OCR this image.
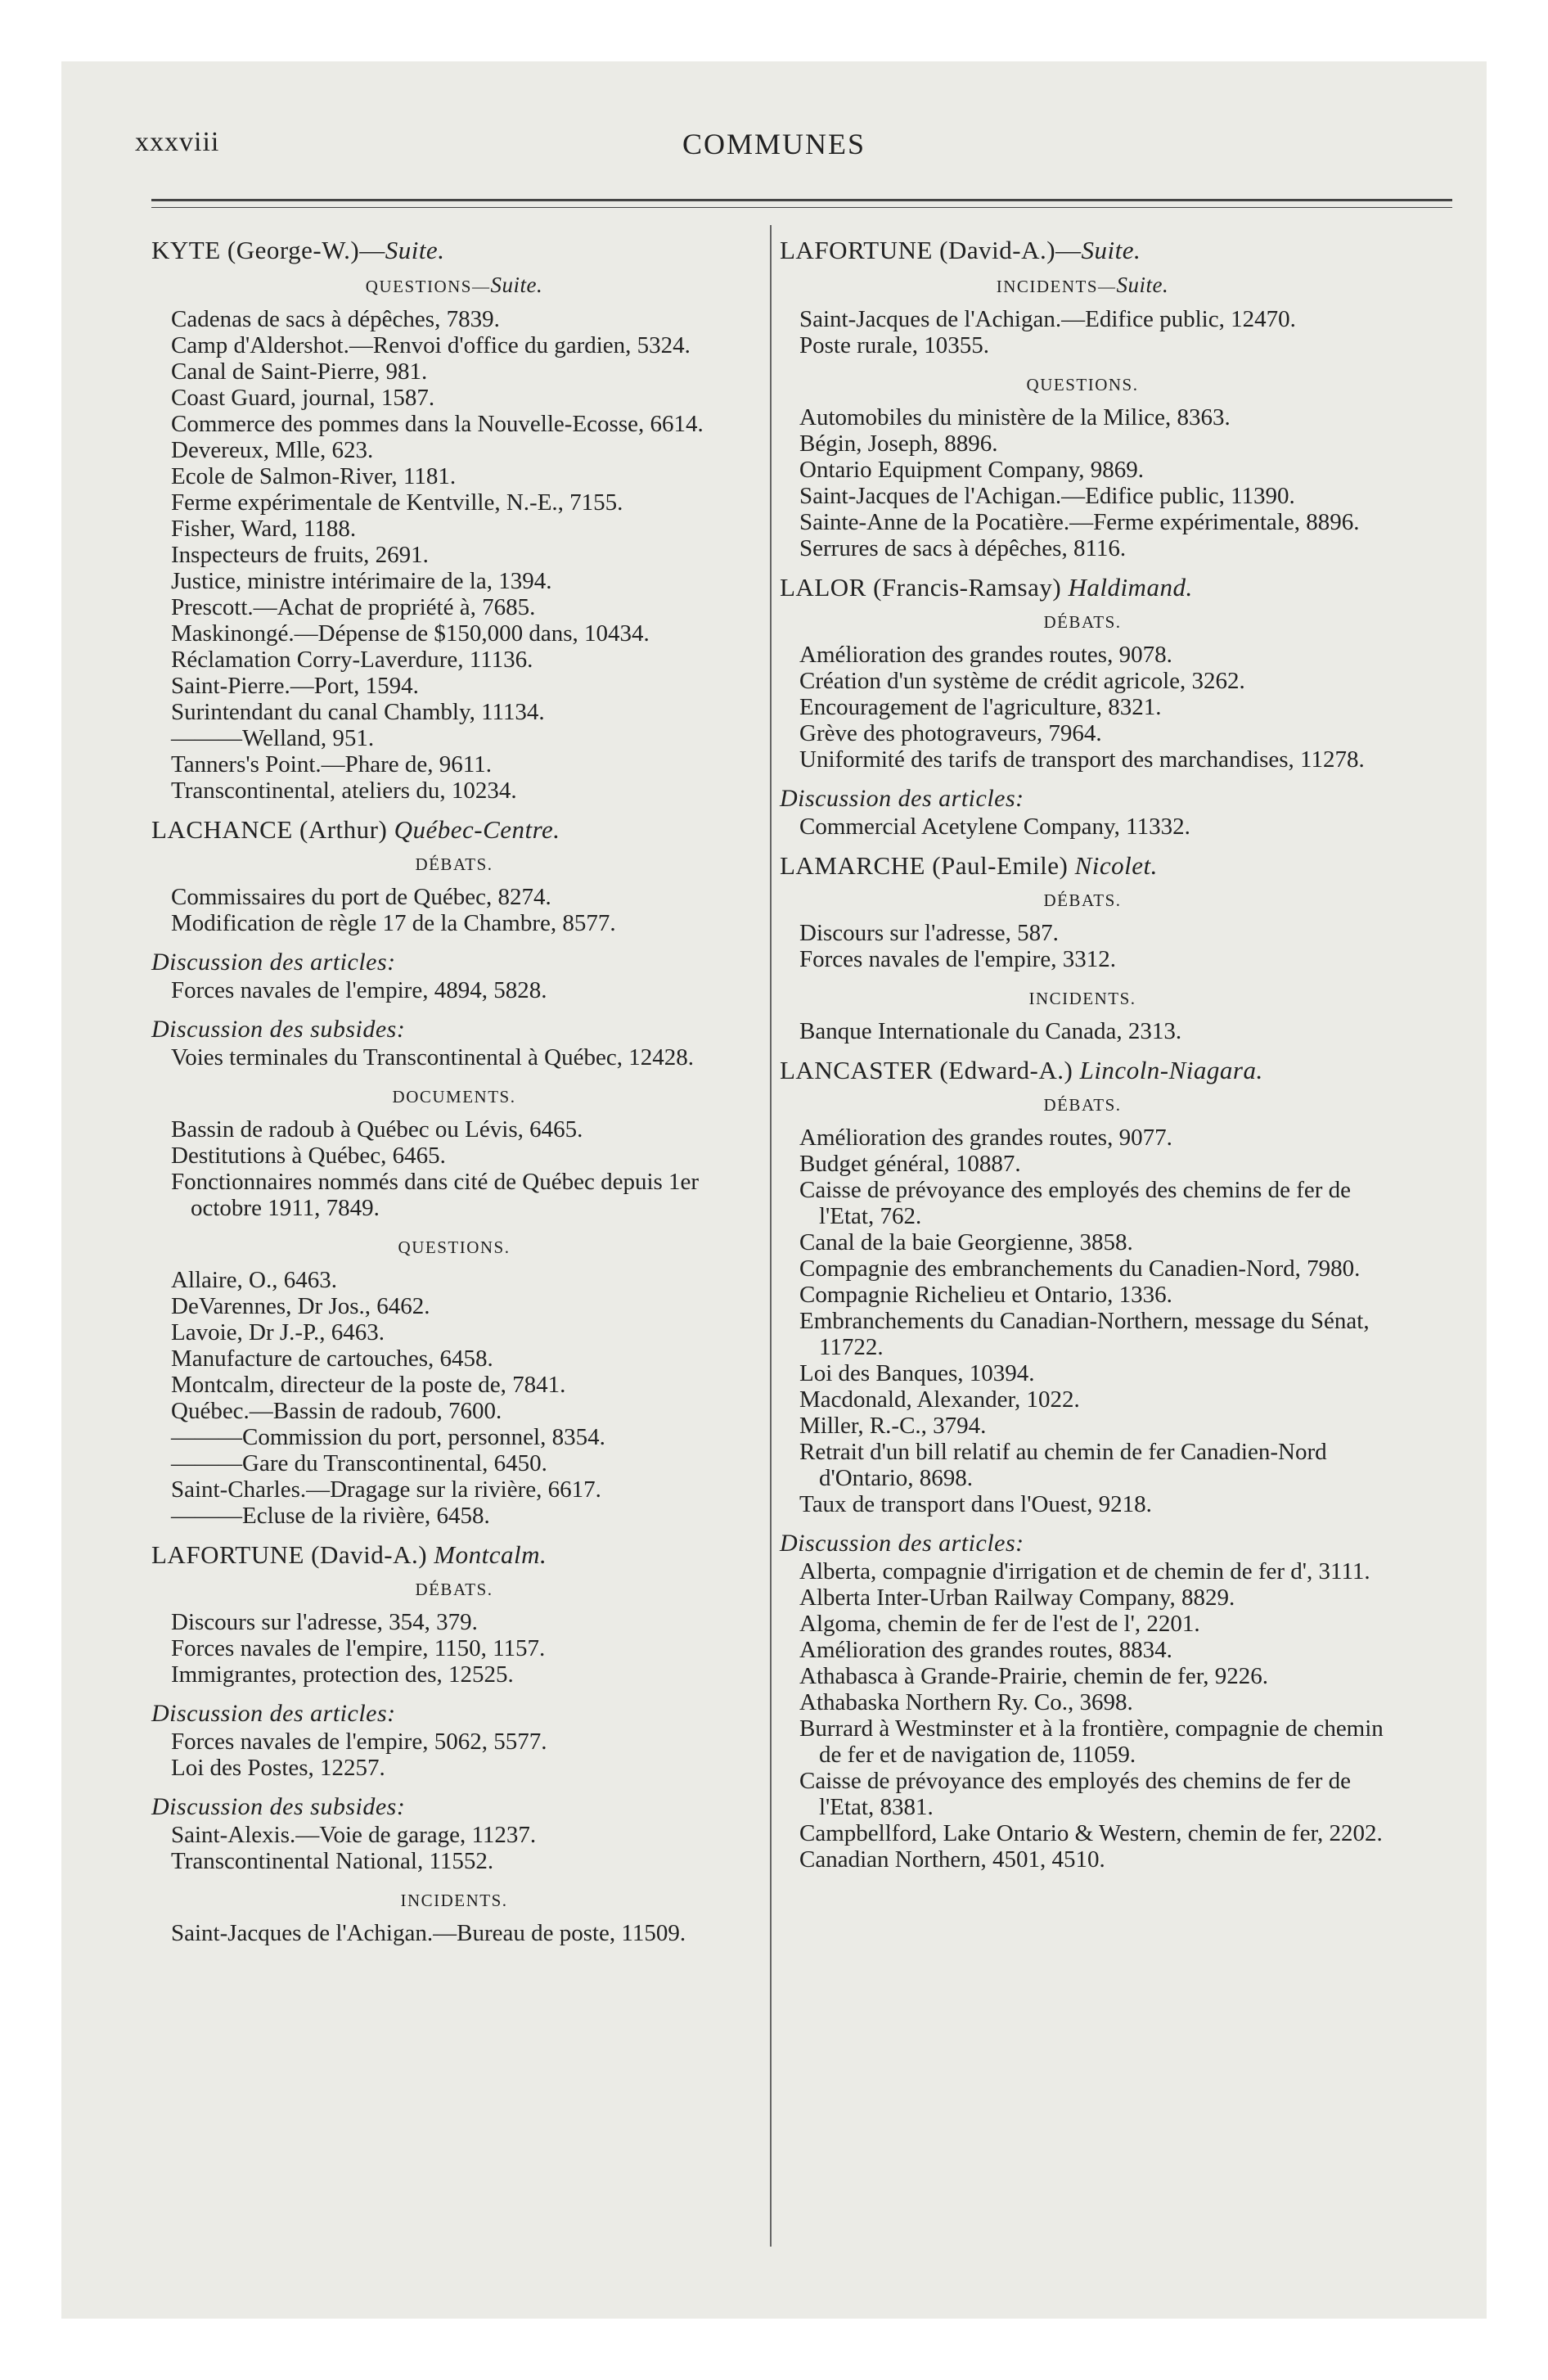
xxxviii	COMMUNES
KYTE (George-W.)—Suite.
QUESTIONS—Suite.

Cadenas de sacs à dépêches, 7839.

Camp d'Aldershot.—Renvoi d'office du gardien, 5324.

Canal de Saint-Pierre, 981.

Coast Guard, journal, 1587.

Commerce des pommes dans la Nouvelle-Ecosse, 6614.

Devereux, Mlle, 623.

Ecole de Salmon-River, 1181.

Ferme expérimentale de Kentville, N.-E., 7155.

Fisher, Ward, 1188.

Inspecteurs de fruits, 2691.

Justice, ministre intérimaire de la, 1394.

Prescott.—Achat de propriété à, 7685.

Maskinongé.—Dépense de $150,000 dans, 10434.

Réclamation Corry-Laverdure, 11136.

Saint-Pierre.—Port, 1594.

Surintendant du canal Chambly, 11134.

———Welland, 951.

Tanners's Point.—Phare de, 9611.

Transcontinental, ateliers du, 10234.

LACHANCE (Arthur) Québec-Centre.
DÉBATS.

Commissaires du port de Québec, 8274.

Modification de règle 17 de la Chambre, 8577.

Discussion des articles:

Forces navales de l'empire, 4894, 5828.

Discussion des subsides:

Voies terminales du Transcontinental à Québec, 12428.

DOCUMENTS.

Bassin de radoub à Québec ou Lévis, 6465.

Destitutions à Québec, 6465.

Fonctionnaires nommés dans cité de Québec depuis 1er octobre 1911, 7849.

QUESTIONS.

Allaire, O., 6463.

DeVarennes, Dr Jos., 6462.

Lavoie, Dr J.-P., 6463.

Manufacture de cartouches, 6458.

Montcalm, directeur de la poste de, 7841.

Québec.—Bassin de radoub, 7600.

———Commission du port, personnel, 8354.

———Gare du Transcontinental, 6450.

Saint-Charles.—Dragage sur la rivière, 6617.

———Ecluse de la rivière, 6458.

LAFORTUNE (David-A.) Montcalm.
DÉBATS.

Discours sur l'adresse, 354, 379.

Forces navales de l'empire, 1150, 1157.

Immigrantes, protection des, 12525.

Discussion des articles:

Forces navales de l'empire, 5062, 5577.

Loi des Postes, 12257.

Discussion des subsides:

Saint-Alexis.—Voie de garage, 11237.

Transcontinental National, 11552.

INCIDENTS.

Saint-Jacques de l'Achigan.—Bureau de poste, 11509.

LAFORTUNE (David-A.)—Suite.
INCIDENTS—Suite.

Saint-Jacques de l'Achigan.—Edifice public, 12470.

Poste rurale, 10355.

QUESTIONS.

Automobiles du ministère de la Milice, 8363.

Bégin, Joseph, 8896.

Ontario Equipment Company, 9869.

Saint-Jacques de l'Achigan.—Edifice public, 11390.

Sainte-Anne de la Pocatière.—Ferme expérimentale, 8896.

Serrures de sacs à dépêches, 8116.

LALOR (Francis-Ramsay) Haldimand.
DÉBATS.

Amélioration des grandes routes, 9078.

Création d'un système de crédit agricole, 3262.

Encouragement de l'agriculture, 8321.

Grève des photograveurs, 7964.

Uniformité des tarifs de transport des marchandises, 11278.

Discussion des articles:

Commercial Acetylene Company, 11332.

LAMARCHE (Paul-Emile) Nicolet.
DÉBATS.

Discours sur l'adresse, 587.

Forces navales de l'empire, 3312.

INCIDENTS.

Banque Internationale du Canada, 2313.

LANCASTER (Edward-A.) Lincoln-Niagara.
DÉBATS.

Amélioration des grandes routes, 9077.

Budget général, 10887.

Caisse de prévoyance des employés des chemins de fer de l'Etat, 762.

Canal de la baie Georgienne, 3858.

Compagnie des embranchements du Canadien-Nord, 7980.

Compagnie Richelieu et Ontario, 1336.

Embranchements du Canadian-Northern, message du Sénat, 11722.

Loi des Banques, 10394.

Macdonald, Alexander, 1022.

Miller, R.-C., 3794.

Retrait d'un bill relatif au chemin de fer Canadien-Nord d'Ontario, 8698.

Taux de transport dans l'Ouest, 9218.

Discussion des articles:

Alberta, compagnie d'irrigation et de chemin de fer d', 3111.

Alberta Inter-Urban Railway Company, 8829.

Algoma, chemin de fer de l'est de l', 2201.

Amélioration des grandes routes, 8834.

Athabasca à Grande-Prairie, chemin de fer, 9226.

Athabaska Northern Ry. Co., 3698.

Burrard à Westminster et à la frontière, compagnie de chemin de fer et de navigation de, 11059.

Caisse de prévoyance des employés des chemins de fer de l'Etat, 8381.

Campbellford, Lake Ontario & Western, chemin de fer, 2202.

Canadian Northern, 4501, 4510.
